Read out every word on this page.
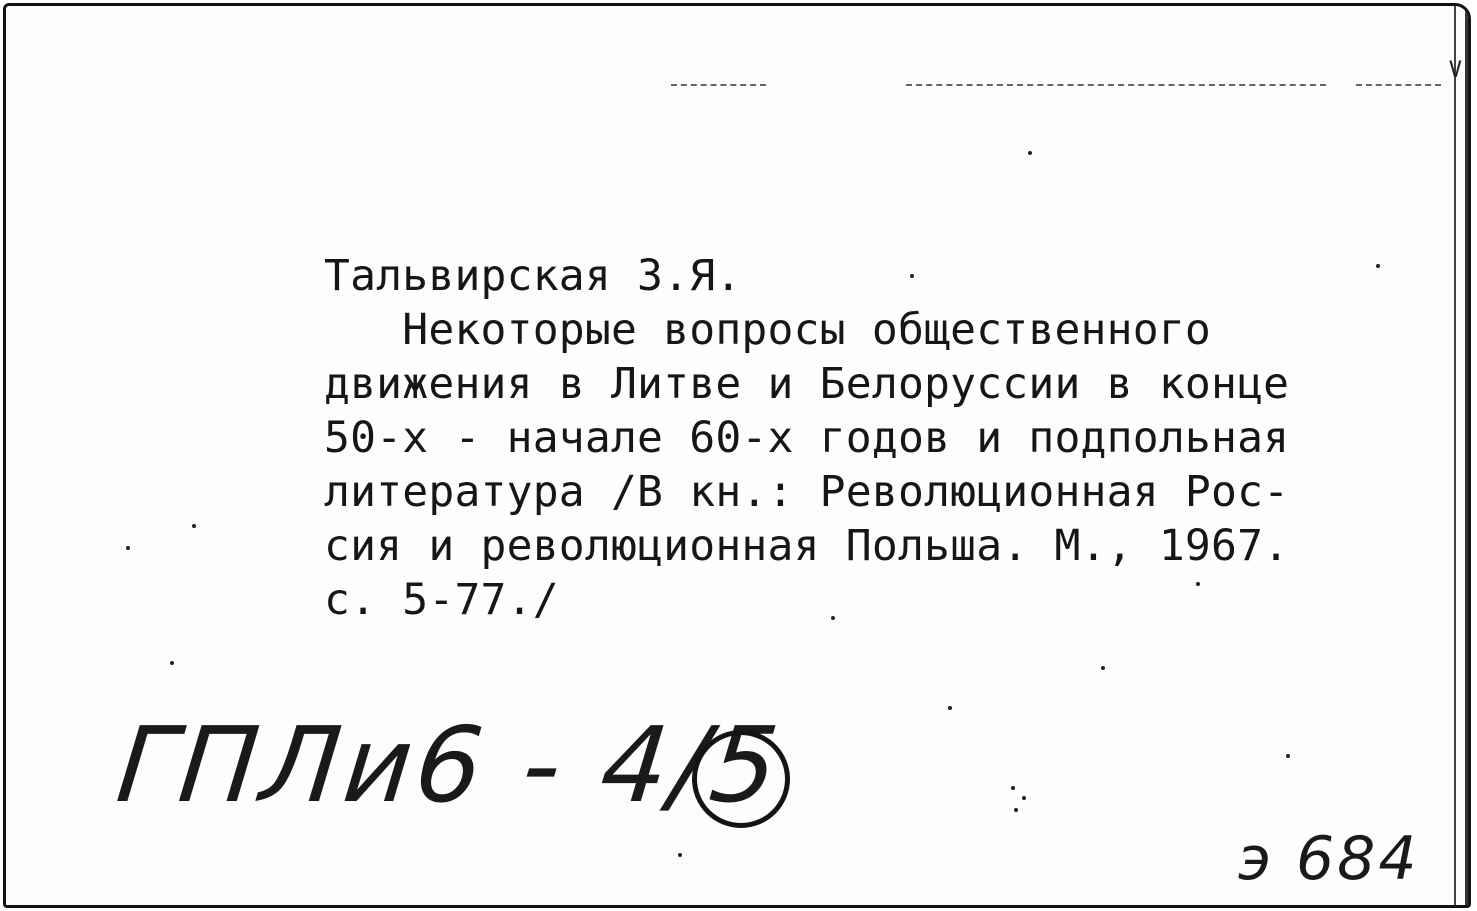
V
Тальвирская З.Я.
Некоторые вопросы общественного
движения в Литве и Белоруссии в конце
50-х - начале 60-х годов и подпольная
литература /В кн.: Революционная Рос-
сия и революционная Польша. М., 1967.
с. 5-77./
ГПЛи6 - 4/5
э 684
